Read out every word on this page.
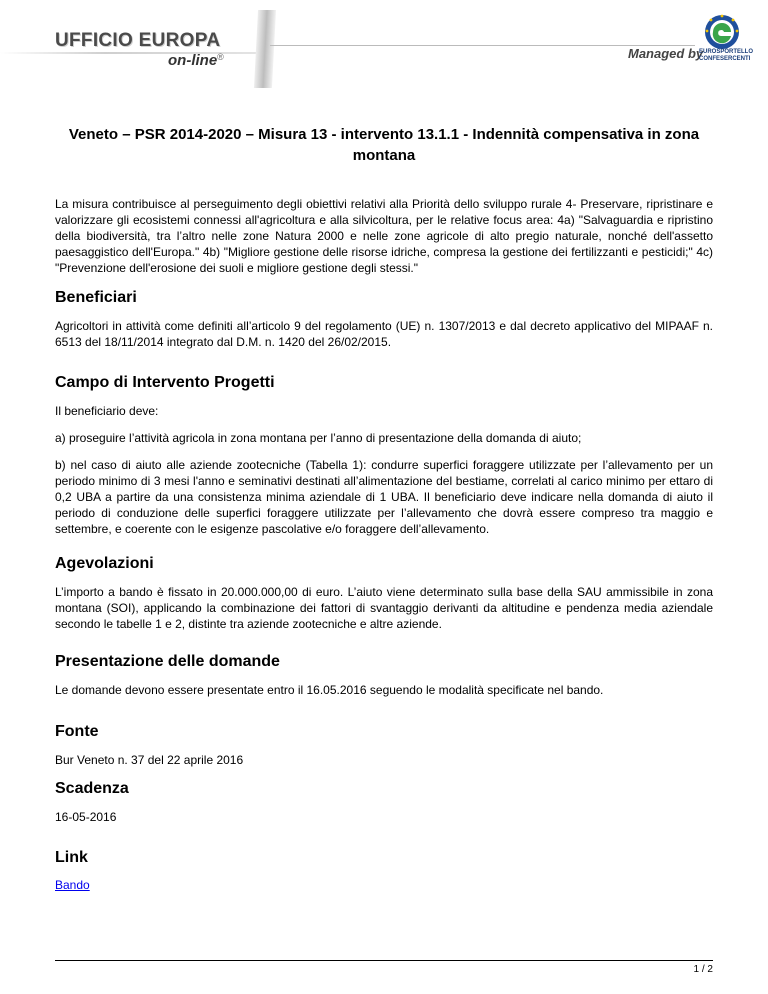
UFFICIO EUROPA
on-line®	Managed by
EUROSPORTELLO CONFESERCENTI
Veneto – PSR 2014-2020 – Misura 13 - intervento 13.1.1 - Indennità compensativa in zona montana
La misura contribuisce al perseguimento degli obiettivi relativi alla Priorità dello sviluppo rurale 4- Preservare, ripristinare e valorizzare gli ecosistemi connessi all'agricoltura e alla silvicoltura, per le relative focus area: 4a) "Salvaguardia e ripristino della biodiversità, tra l’altro nelle zone Natura 2000 e nelle zone agricole di alto pregio naturale, nonché dell'assetto paesaggistico dell'Europa." 4b) "Migliore gestione delle risorse idriche, compresa la gestione dei fertilizzanti e pesticidi;" 4c) "Prevenzione dell'erosione dei suoli e migliore gestione degli stessi."
Beneficiari
Agricoltori in attività come definiti all’articolo 9 del regolamento (UE) n. 1307/2013 e dal decreto applicativo del MIPAAF n. 6513 del 18/11/2014 integrato dal D.M. n. 1420 del 26/02/2015.
Campo di Intervento Progetti
Il beneficiario deve:
a) proseguire l’attività agricola in zona montana per l’anno di presentazione della domanda di aiuto;
b) nel caso di aiuto alle aziende zootecniche (Tabella 1): condurre superfici foraggere utilizzate per l’allevamento per un periodo minimo di 3 mesi l'anno e seminativi destinati all’alimentazione del bestiame, correlati al carico minimo per ettaro di 0,2 UBA a partire da una consistenza minima aziendale di 1 UBA. Il beneficiario deve indicare nella domanda di aiuto il periodo di conduzione delle superfici foraggere utilizzate per l’allevamento che dovrà essere compreso tra maggio e settembre, e coerente con le esigenze pascolative e/o foraggere dell’allevamento.
Agevolazioni
L’importo a bando è fissato in 20.000.000,00 di euro. L’aiuto viene determinato sulla base della SAU ammissibile in zona montana (SOI), applicando la combinazione dei fattori di svantaggio derivanti da altitudine e pendenza media aziendale secondo le tabelle 1 e 2, distinte tra aziende zootecniche e altre aziende.
Presentazione delle domande
Le domande devono essere presentate entro il 16.05.2016 seguendo le modalità specificate nel bando.
Fonte
Bur Veneto n. 37 del 22 aprile 2016
Scadenza
16-05-2016
Link
Bando
1 / 2
